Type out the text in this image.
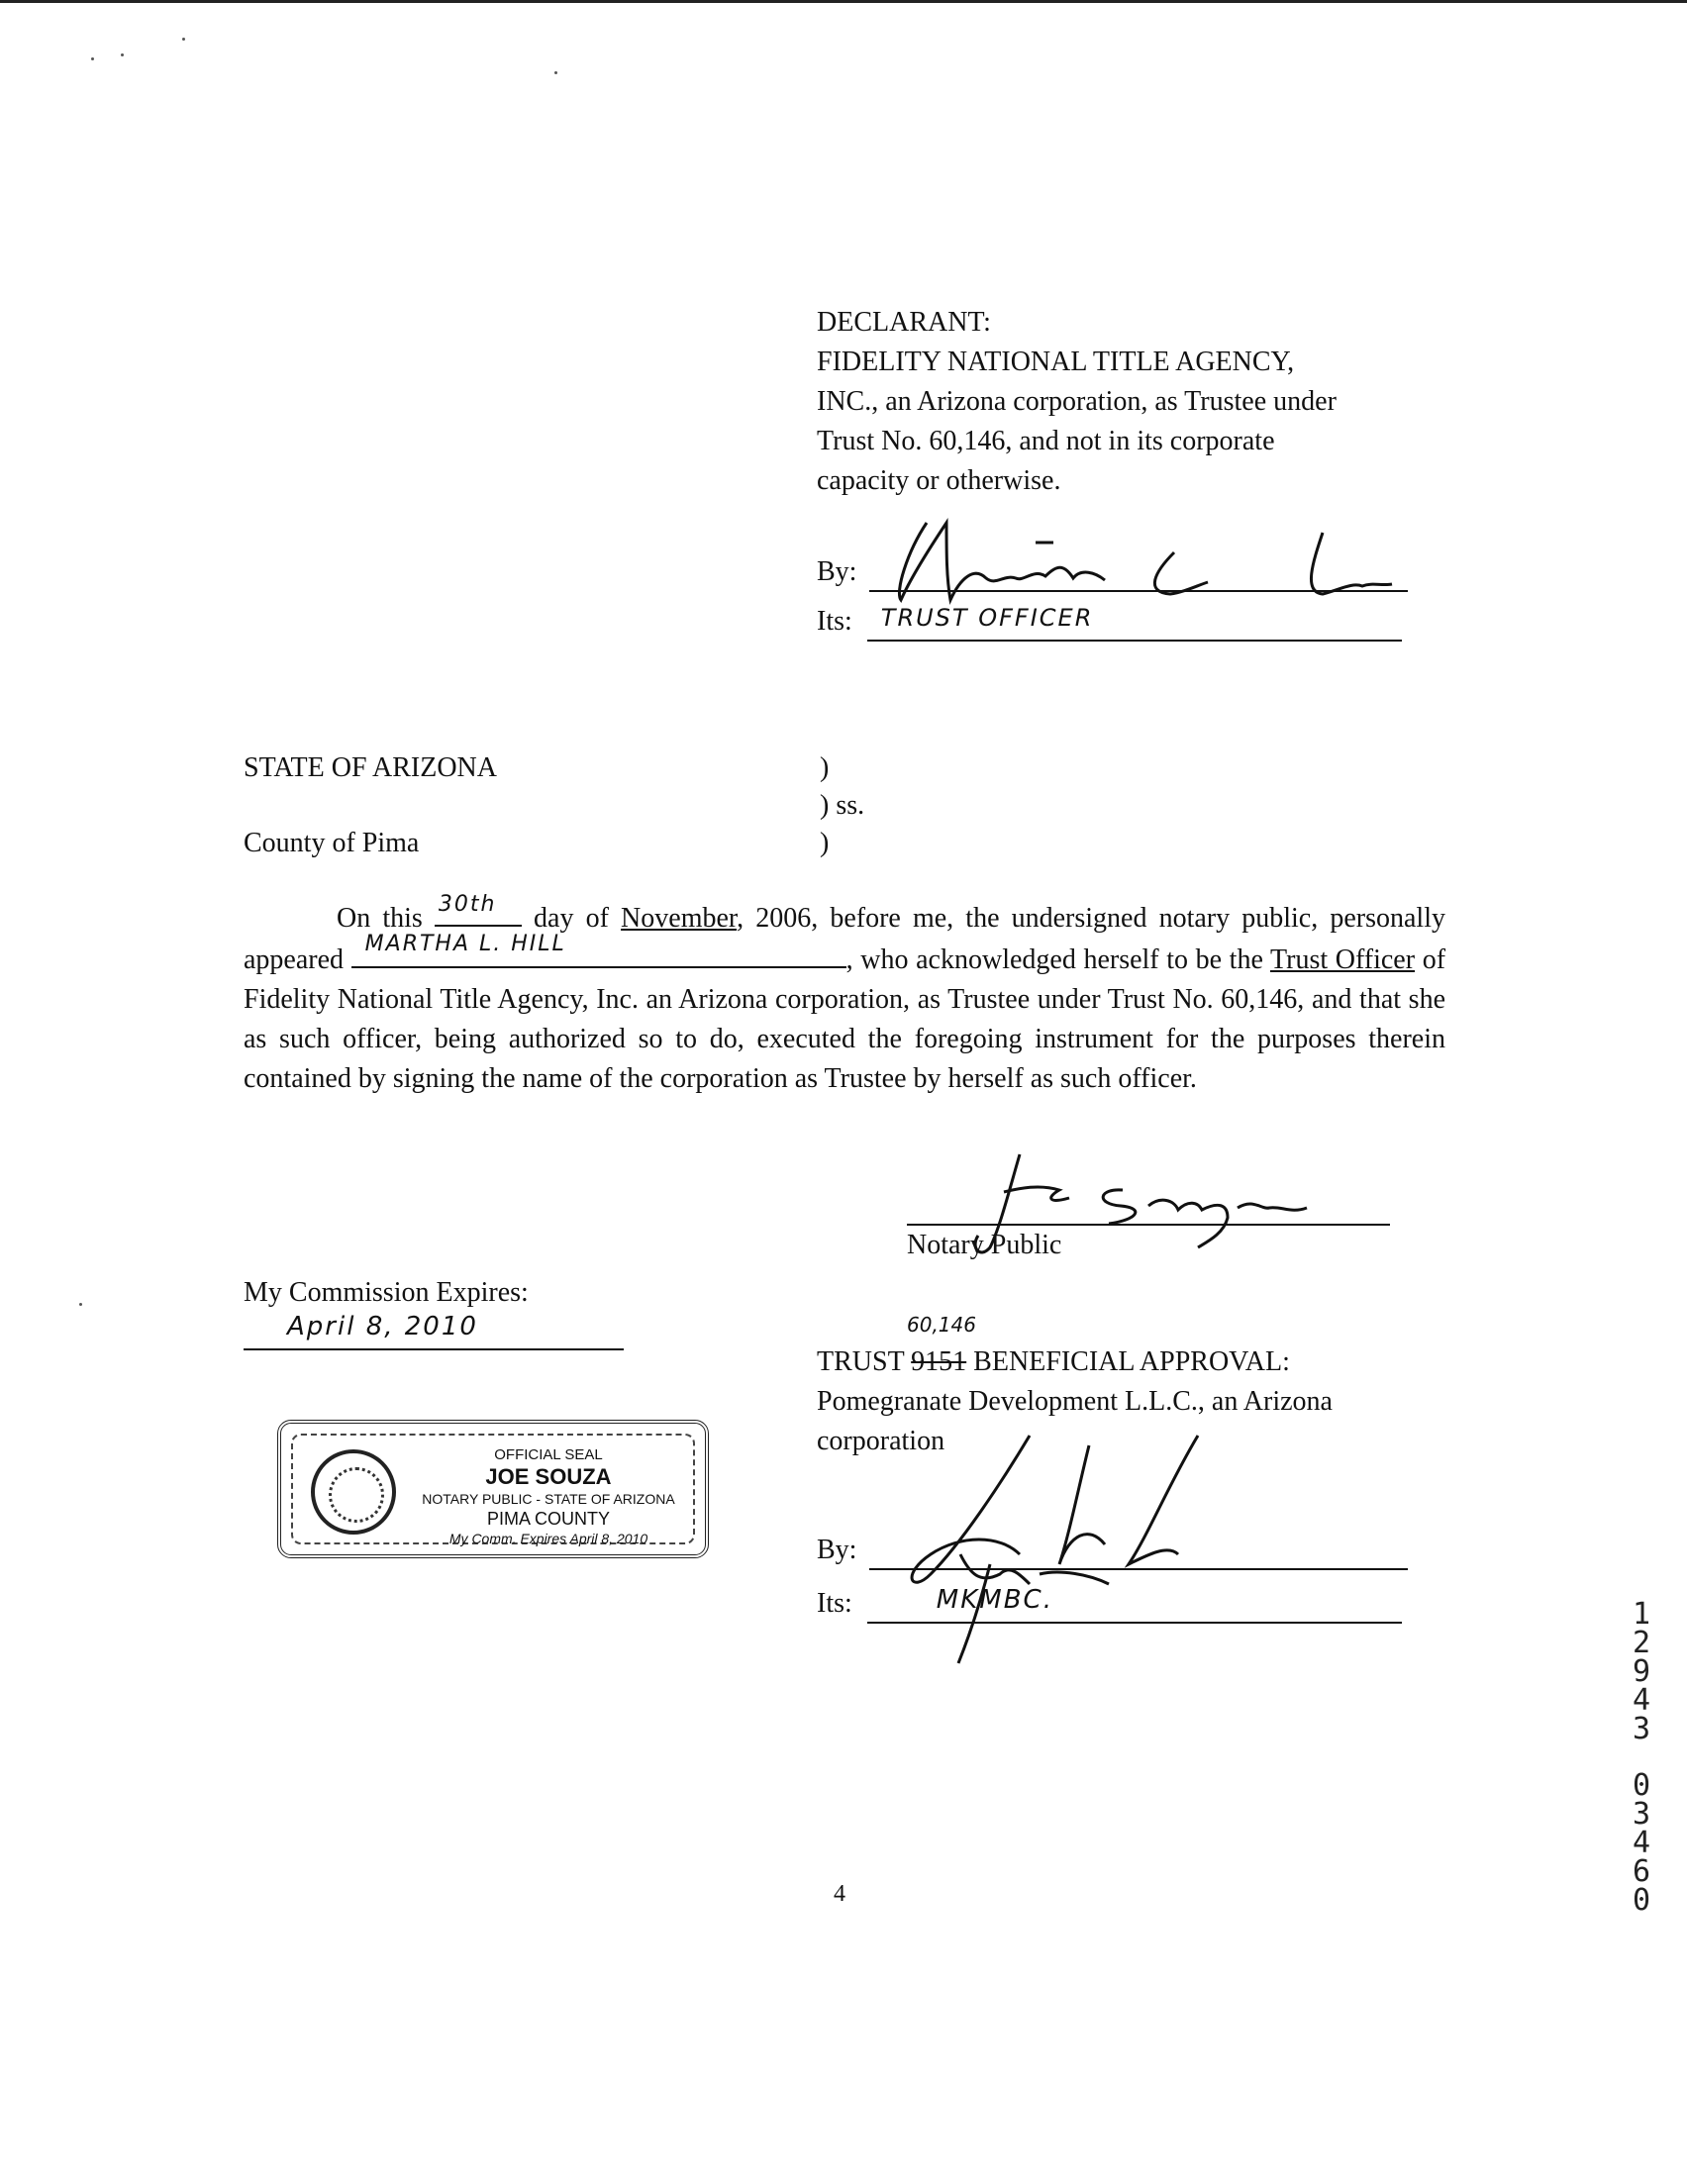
DECLARANT:
FIDELITY NATIONAL TITLE AGENCY,
INC., an Arizona corporation, as Trustee under
Trust No. 60,146, and not in its corporate
capacity or otherwise.
By:
Its: TRUST OFFICER
STATE OF ARIZONA	)
) ss.
County of Pima	)
On this 30th day of November, 2006, before me, the undersigned notary public, personally appeared
MARTHA L. HILL
, who acknowledged herself to be the Trust Officer of Fidelity National Title Agency, Inc. an Arizona corporation, as Trustee under Trust No. 60,146, and that she as such officer, being authorized so to do, executed the foregoing instrument for the purposes therein contained by signing the name of the corporation as Trustee by herself as such officer.
Notary Public
My Commission Expires:
April 8, 2010
OFFICIAL SEAL
JOE SOUZA
NOTARY PUBLIC - STATE OF ARIZONA
PIMA COUNTY
My Comm. Expires April 8, 2010
60,146
TRUST 9151 BENEFICIAL APPROVAL:
Pomegranate Development L.L.C., an Arizona
corporation
By:
Its:	MKMBC.
4
1
2
9
4
3
0
3
4
6
0
